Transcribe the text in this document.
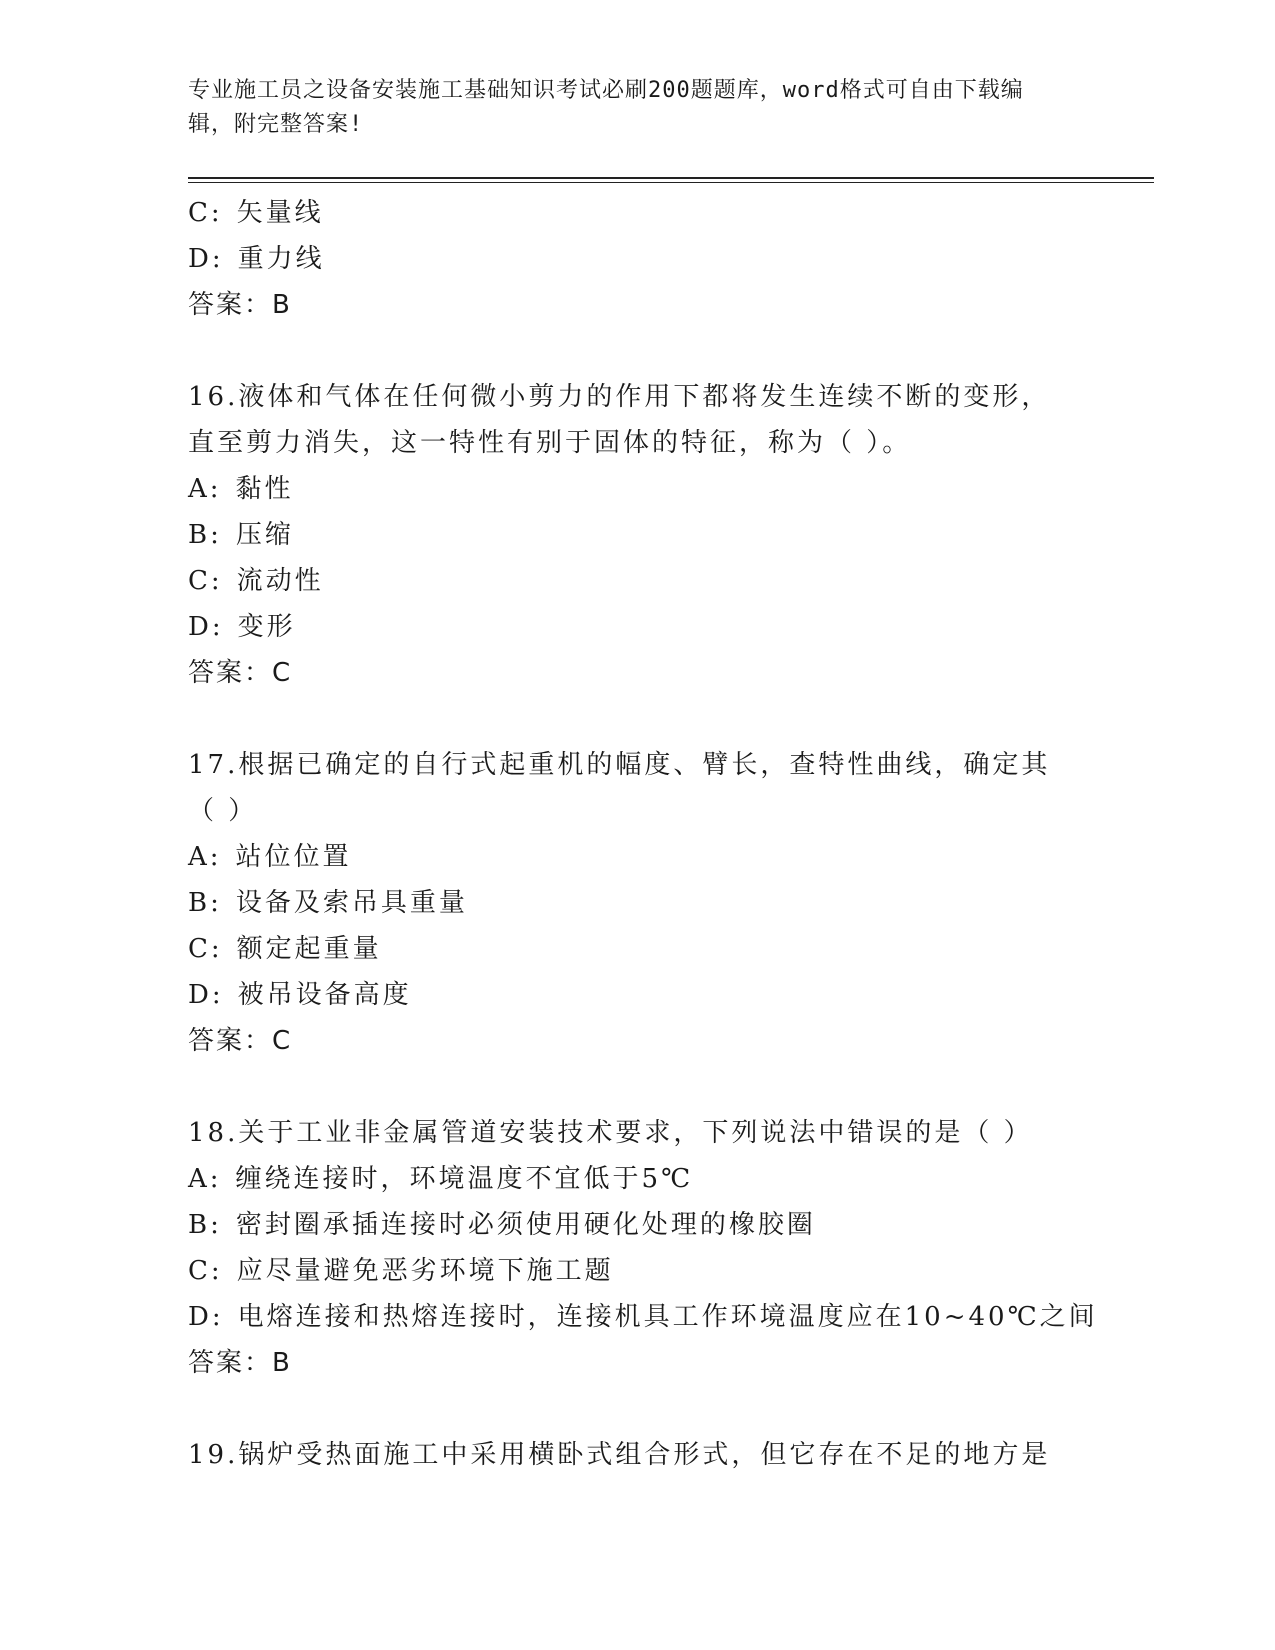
专业施工员之设备安装施工基础知识考试必刷200题题库，word格式可自由下载编辑，附完整答案!
C: 矢量线
D: 重力线
答案：B
16.液体和气体在任何微小剪力的作用下都将发生连续不断的变形，直至剪力消失，这一特性有别于固体的特征，称为（ ）。
A: 黏性
B: 压缩
C: 流动性
D: 变形
答案：C
17.根据已确定的自行式起重机的幅度、臂长，查特性曲线，确定其（ ）
A: 站位位置
B: 设备及索吊具重量
C: 额定起重量
D: 被吊设备高度
答案：C
18.关于工业非金属管道安装技术要求，下列说法中错误的是（ ）
A: 缠绕连接时，环境温度不宜低于5℃
B: 密封圈承插连接时必须使用硬化处理的橡胶圈
C: 应尽量避免恶劣环境下施工题
D: 电熔连接和热熔连接时，连接机具工作环境温度应在10~40℃之间
答案：B
19.锅炉受热面施工中采用横卧式组合形式，但它存在不足的地方是
